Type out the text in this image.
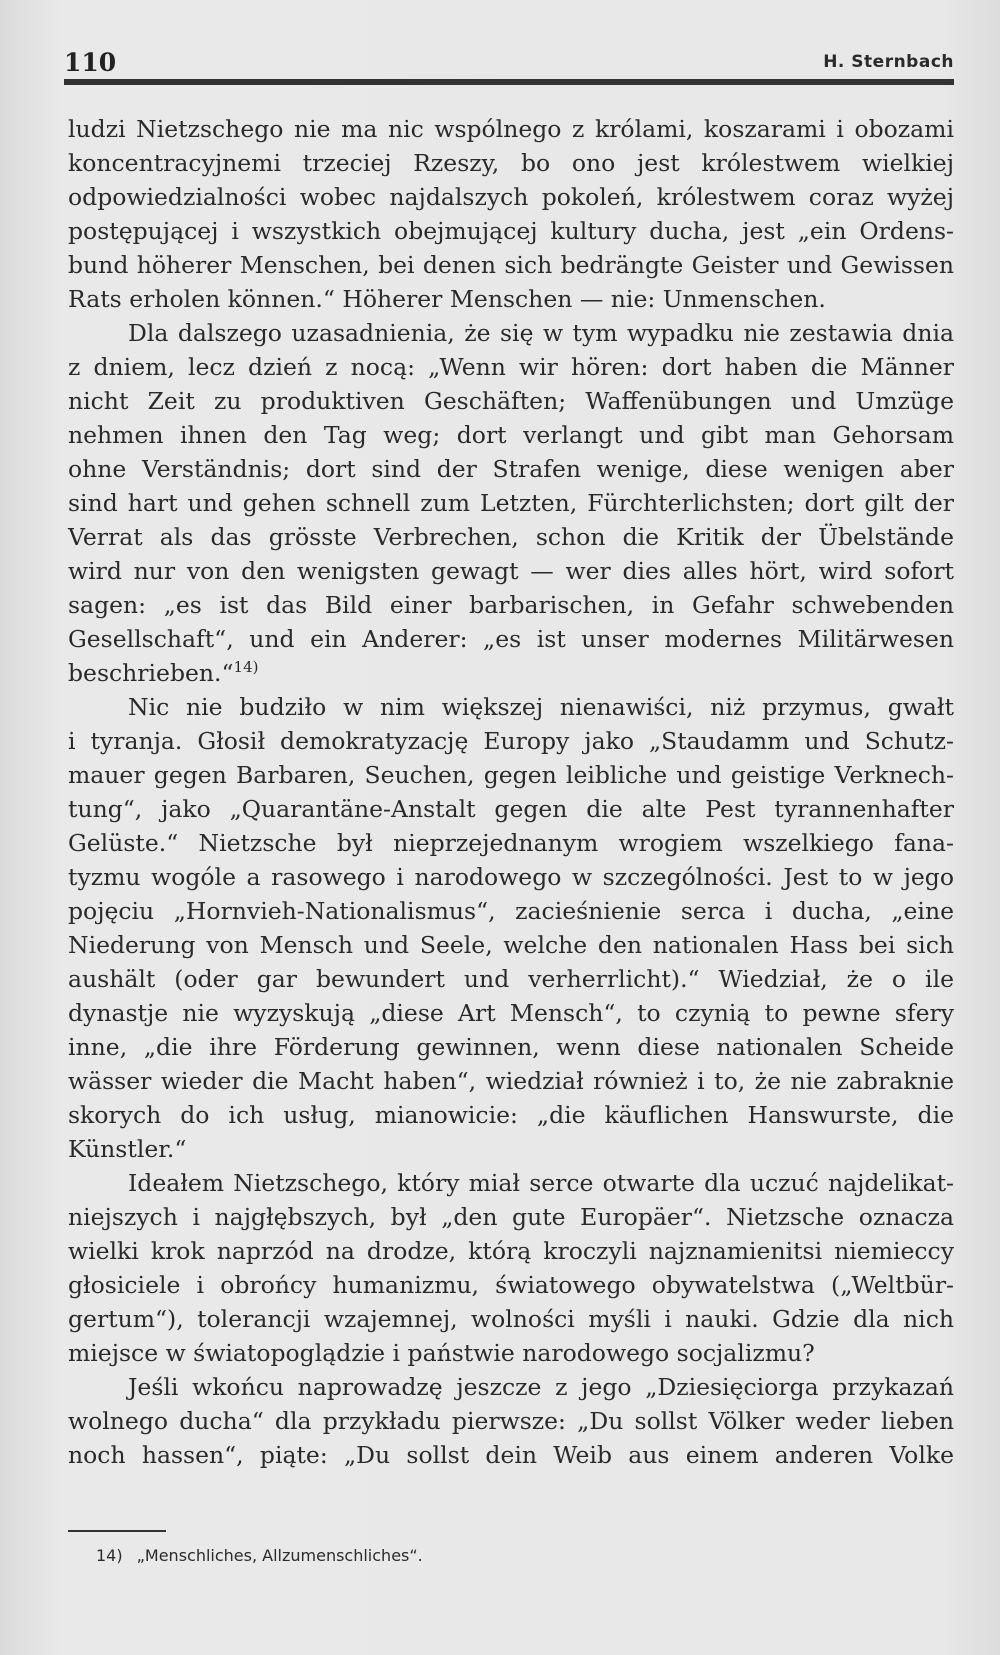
110	H. Sternbach

ludzi Nietzschego nie ma nic wspólnego z królami, koszarami i obozami
koncentracyjnemi trzeciej Rzeszy, bo ono jest królestwem wielkiej
odpowiedzialności wobec najdalszych pokoleń, królestwem coraz wyżej
postępującej i wszystkich obejmującej kultury ducha, jest „ein Ordens-
bund höherer Menschen, bei denen sich bedrängte Geister und Gewissen
Rats erholen können.“ Höherer Menschen — nie: Unmenschen.

Dla dalszego uzasadnienia, że się w tym wypadku nie zestawia dnia
z dniem, lecz dzień z nocą: „Wenn wir hören: dort haben die Männer
nicht Zeit zu produktiven Geschäften; Waffenübungen und Umzüge
nehmen ihnen den Tag weg; dort verlangt und gibt man Gehorsam
ohne Verständnis; dort sind der Strafen wenige, diese wenigen aber
sind hart und gehen schnell zum Letzten, Fürchterlichsten; dort gilt der
Verrat als das grösste Verbrechen, schon die Kritik der Übelstände
wird nur von den wenigsten gewagt — wer dies alles hört, wird sofort
sagen: „es ist das Bild einer barbarischen, in Gefahr schwebenden
Gesellschaft“, und ein Anderer: „es ist unser modernes Militärwesen
beschrieben.“$^{14)}$

Nic nie budziło w nim większej nienawiści, niż przymus, gwałt
i tyranja. Głosił demokratyzację Europy jako „Staudamm und Schutz-
mauer gegen Barbaren, Seuchen, gegen leibliche und geistige Verknech-
tung“, jako „Quarantäne-Anstalt gegen die alte Pest tyrannenhafter
Gelüste.“ Nietzsche był nieprzejednanym wrogiem wszelkiego fana-
tyzmu wogóle a rasowego i narodowego w szczególności. Jest to w jego
pojęciu „Hornvieh-Nationalismus“, zacieśnienie serca i ducha, „eine
Niederung von Mensch und Seele, welche den nationalen Hass bei sich
aushält (oder gar bewundert und verherrlicht).“ Wiedział, że o ile
dynastje nie wyzyskują „diese Art Mensch“, to czynią to pewne sfery
inne, „die ihre Förderung gewinnen, wenn diese nationalen Scheide
wässer wieder die Macht haben“, wiedział również i to, że nie zabraknie
skorych do ich usług, mianowicie: „die käuflichen Hanswurste, die
Künstler.“

Ideałem Nietzschego, który miał serce otwarte dla uczuć najdelikat-
niejszych i najgłębszych, był „den gute Europäer“. Nietzsche oznacza
wielki krok naprzód na drodze, którą kroczyli najznamienitsi niemieccy
głosiciele i obrońcy humanizmu, światowego obywatelstwa („Weltbür-
gertum“), tolerancji wzajemnej, wolności myśli i nauki. Gdzie dla nich
miejsce w światopoglądzie i państwie narodowego socjalizmu?

Jeśli wkońcu naprowadzę jeszcze z jego „Dziesięciorga przykazań
wolnego ducha“ dla przykładu pierwsze: „Du sollst Völker weder lieben
noch hassen“, piąte: „Du sollst dein Weib aus einem anderen Volke

14) „Menschliches, Allzumenschliches“.
